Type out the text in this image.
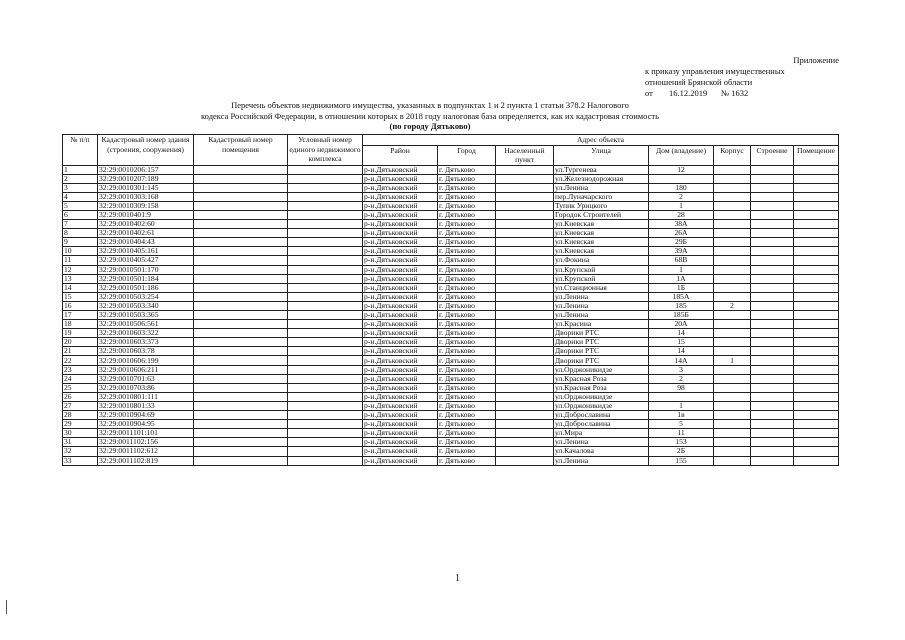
Приложение
к приказу управления имущественных
отношений Брянской области
от 16.12.2019 № 1632
Перечень объектов недвижимого имущества, указанных в подпунктах 1 и 2 пункта 1 статьи 378.2 Налогового
кодекса Российской Федерации, в отношении которых в 2018 году налоговая база определяется, как их кадастровая стоимость
(по городу Дятьково)
№ п/п	Кадастровый номер здания (строения, сооружения)	Кадастровый номер помещения	Условный номер единого недвижимого комплекса	Адрес объекта							
				Район	Город	Населенный пункт	Улица	Дом (владение)	Корпус	Строение	Помещение
1	32:29:0010206:157			р-н.Дятьковский	г. Дятьково		ул.Тургенева	12			
2	32:29:0010207:189			р-н.Дятьковский	г. Дятьково		ул.Железнодорожная				
3	32:29:0010301:145			р-н.Дятьковский	г. Дятьково		ул.Ленина	180			
4	32:29:0010303:168			р-н.Дятьковский	г. Дятьково		пер.Луначарского	2			
5	32:29:0010309:158			р-н.Дятьковский	г. Дятьково		Тупик Урицкого	1			
6	32:29:0010401:9			р-н.Дятьковский	г. Дятьково		Городок Строителей	28			
7	32:29:0010402:60			р-н.Дятьковский	г. Дятьково		ул.Киевская	38А			
8	32:29:0010402:61			р-н.Дятьковский	г. Дятьково		ул.Киевская	26А			
9	32:29:0010404:43			р-н.Дятьковский	г. Дятьково		ул.Киевская	29Б			
10	32:29:0010405:161			р-н.Дятьковский	г. Дятьково		ул.Киевская	39А			
11	32:29:0010405:427			р-н.Дятьковский	г. Дятьково		ул.Фокина	68В			
12	32:29:0010501:170			р-н.Дятьковский	г. Дятьково		ул.Крупской	1			
13	32:29:0010501:184			р-н.Дятьковский	г. Дятьково		ул.Крупской	1А			
14	32:29:0010501:186			р-н.Дятьковский	г. Дятьково		ул.Станционная	1Б			
15	32:29:0010503:254			р-н.Дятьковский	г. Дятьково		ул.Ленина	185А			
16	32:29:0010503:340			р-н.Дятьковский	г. Дятьково		ул.Ленина	185	2		
17	32:29:0010503:365			р-н.Дятьковский	г. Дятьково		ул.Ленина	185Б			
18	32:29:0010506:561			р-н.Дятьковский	г. Дятьково		ул.Красина	20А			
19	32:29:0010603:322			р-н.Дятьковский	г. Дятьково		Дворики РТС	14			
20	32:29:0010603:373			р-н.Дятьковский	г. Дятьково		Дворики РТС	15			
21	32:29:0010603:78			р-н.Дятьковский	г. Дятьково		Дворики РТС	14			
22	32:29:0010606:199			р-н.Дятьковский	г. Дятьково		Дворики РТС	14А	1		
23	32:29:0010606:211			р-н.Дятьковский	г. Дятьково		ул.Орджоникидзе	3			
24	32:29:0010701:63			р-н.Дятьковский	г. Дятьково		ул.Красная Роза	2			
25	32:29:0010703:86			р-н.Дятьковский	г. Дятьково		ул.Красная Роза	98			
26	32:29:0010801:111			р-н.Дятьковский	г. Дятьково		ул.Орджоникидзе				
27	32:29:0010801:33			р-н.Дятьковский	г. Дятьково		ул.Орджоникидзе	1			
28	32:29:0010904:69			р-н.Дятьковский	г. Дятьково		ул.Доброславина	1в			
29	32:29:0010904:95			р-н.Дятьковский	г. Дятьково		ул.Доброславина	5			
30	32:29:0011101:101			р-н.Дятьковский	г. Дятьково		ул.Мира	11			
31	32:29:0011102:156			р-н.Дятьковский	г. Дятьково		ул.Ленина	153			
32	32:29:0011102:612			р-н.Дятьковский	г. Дятьково		ул.Качалова	2Б			
33	32:29:0011102:819			р-н.Дятьковский	г. Дятьково		ул.Ленина	155			
1
